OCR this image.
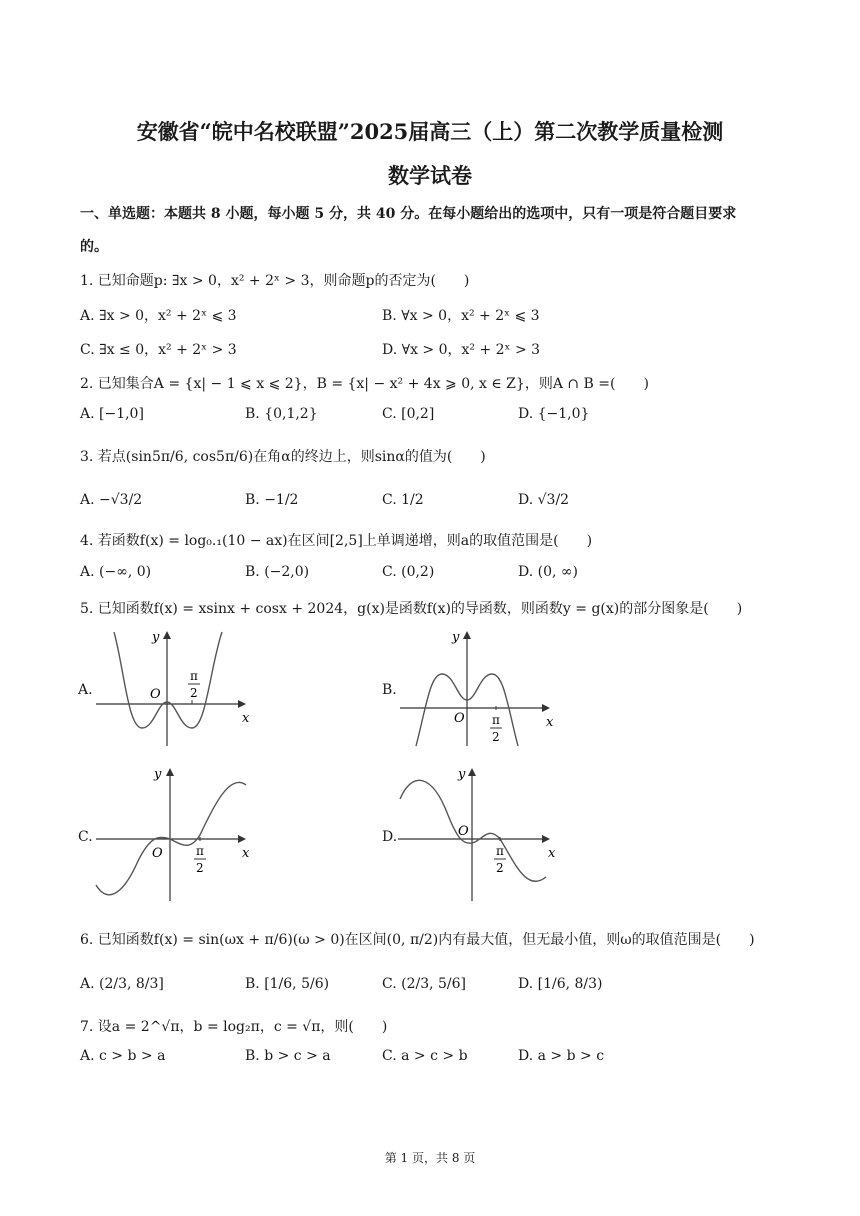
安徽省“皖中名校联盟”2025届高三（上）第二次教学质量检测
数学试卷
一、单选题：本题共 8 小题，每小题 5 分，共 40 分。在每小题给出的选项中，只有一项是符合题目要求
的。
1. 已知命题p: ∃x > 0，x² + 2ˣ > 3，则命题p的否定为(　　)
A. ∃x > 0，x² + 2ˣ ⩽ 3	B. ∀x > 0，x² + 2ˣ ⩽ 3
C. ∃x ≤ 0，x² + 2ˣ > 3	D. ∀x > 0，x² + 2ˣ > 3
2. 已知集合A = {x| − 1 ⩽ x ⩽ 2}，B = {x| − x² + 4x ⩾ 0, x ∈ Z}，则A ∩ B =(　　)
A. [−1,0]	B. {0,1,2}	C. [0,2]	D. {−1,0}
3. 若点(sin5π/6, cos5π/6)在角α的终边上，则sinα的值为(　　)
A. −√3/2	B. −1/2	C. 1/2	D. √3/2
4. 若函数f(x) = log₀.₁(10 − ax)在区间[2,5]上单调递增，则a的取值范围是(　　)
A. (−∞, 0)	B. (−2,0)	C. (0,2)	D. (0, ∞)
5. 已知函数f(x) = xsinx + cosx + 2024，g(x)是函数f(x)的导函数，则函数y = g(x)的部分图象是(　　)
A.	B.
C.	D.
y
x
O
π
2
y
x
O π
2
y
x
O	π
2
y
x
O
π
2
6. 已知函数f(x) = sin(ωx + π/6)(ω > 0)在区间(0, π/2)内有最大值，但无最小值，则ω的取值范围是(　　)
A. (2/3, 8/3]	B. [1/6, 5/6)	C. (2/3, 5/6]	D. [1/6, 8/3)
7. 设a = 2^√π，b = log₂π，c = √π，则(　　)
A. c > b > a	B. b > c > a	C. a > c > b	D. a > b > c
第 1 页，共 8 页
